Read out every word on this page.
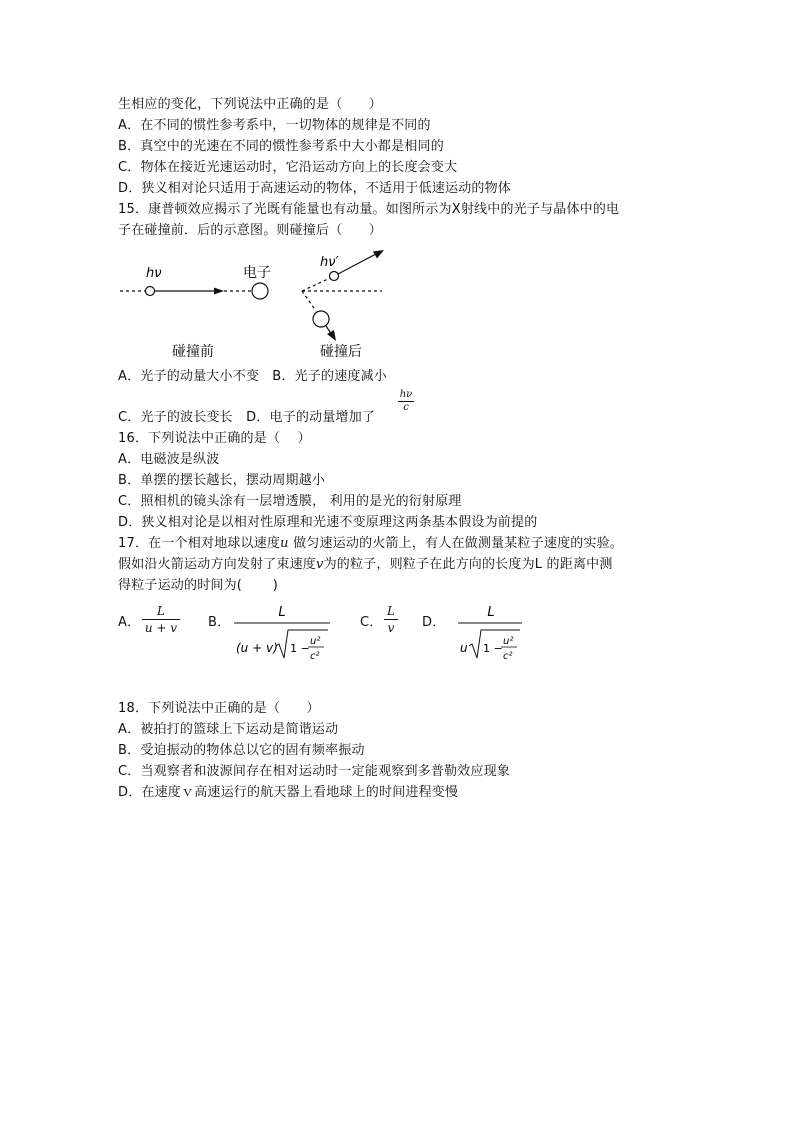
生相应的变化，下列说法中正确的是（　　）
A．在不同的惯性参考系中，一切物体的规律是不同的
B．真空中的光速在不同的惯性参考系中大小都是相同的
C．物体在接近光速运动时，它沿运动方向上的长度会变大
D．狭义相对论只适用于高速运动的物体，不适用于低速运动的物体
15．康普顿效应揭示了光既有能量也有动量。如图所示为X射线中的光子与晶体中的电
子在碰撞前．后的示意图。则碰撞后（　　）
hν	电子
碰撞前
hν′
碰撞后
A．光子的动量大小不变　B．光子的速度减小
C．光子的波长变长　D．电子的动量增加了
hν
c
16．下列说法中正确的是（　 ）
A．电磁波是纵波
B．单摆的摆长越长，摆动周期越小
C．照相机的镜头涂有一层增透膜， 利用的是光的衍射原理
D．狭义相对论是以相对性原理和光速不变原理这两条基本假设为前提的
17．在一个相对地球以速度u 做匀速运动的火箭上，有人在做测量某粒子速度的实验。
假如沿火箭运动方向发射了束速度v为的粒子，则粒子在此方向的长度为L 的距离中测
得粒子运动的时间为(　　 )
A．
L
u + v B．
L
(u + v) 1 −
u²
c²
C．
L
v D．
L
u 1 −
u²
c²
18．下列说法中正确的是（　　）
A．被拍打的篮球上下运动是简谐运动
B．受迫振动的物体总以它的固有频率振动
C．当观察者和波源间存在相对运动时一定能观察到多普勒效应现象
D．在速度ｖ高速运行的航天器上看地球上的时间进程变慢
